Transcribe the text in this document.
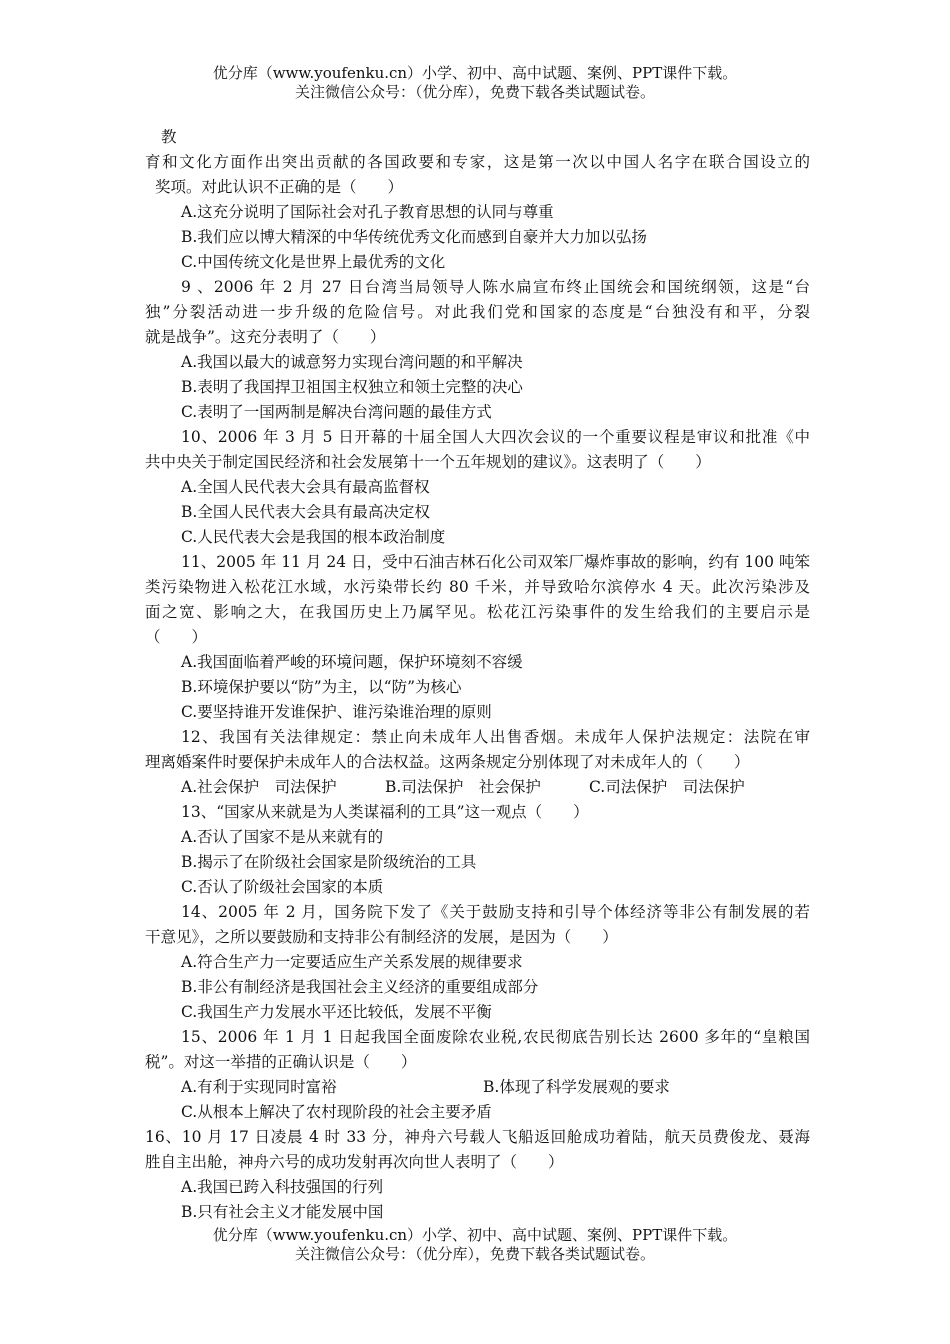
优分库（www.youfenku.cn）小学、初中、高中试题、案例、PPT课件下载。
关注微信公众号：（优分库），免费下载各类试题试卷。
教
育和文化方面作出突出贡献的各国政要和专家，这是第一次以中国人名字在联合国设立的
奖项。对此认识不正确的是（　　）
A.这充分说明了国际社会对孔子教育思想的认同与尊重
B.我们应以博大精深的中华传统优秀文化而感到自豪并大力加以弘扬
C.中国传统文化是世界上最优秀的文化
9 、2006 年 2 月 27 日台湾当局领导人陈水扁宣布终止国统会和国统纲领，这是“台
独”分裂活动进一步升级的危险信号。对此我们党和国家的态度是“台独没有和平，分裂
就是战争”。这充分表明了（　　）
A.我国以最大的诚意努力实现台湾问题的和平解决
B.表明了我国捍卫祖国主权独立和领土完整的决心
C.表明了一国两制是解决台湾问题的最佳方式
10、2006 年 3 月 5 日开幕的十届全国人大四次会议的一个重要议程是审议和批准《中
共中央关于制定国民经济和社会发展第十一个五年规划的建议》。这表明了（　　）
A.全国人民代表大会具有最高监督权
B.全国人民代表大会具有最高决定权
C.人民代表大会是我国的根本政治制度
11、2005 年 11 月 24 日，受中石油吉林石化公司双笨厂爆炸事故的影响，约有 100 吨笨
类污染物进入松花江水域，水污染带长约 80 千米，并导致哈尔滨停水 4 天。此次污染涉及
面之宽、影响之大，在我国历史上乃属罕见。松花江污染事件的发生给我们的主要启示是
（　　）
A.我国面临着严峻的环境问题，保护环境刻不容缓
B.环境保护要以“防”为主，以“防”为核心
C.要坚持谁开发谁保护、谁污染谁治理的原则
12、我国有关法律规定：禁止向未成年人出售香烟。未成年人保护法规定：法院在审
理离婚案件时要保护未成年人的合法权益。这两条规定分别体现了对未成年人的（　　）
A.社会保护　司法保护	B.司法保护　社会保护	C.司法保护　司法保护
13、“国家从来就是为人类谋福利的工具”这一观点（　　）
A.否认了国家不是从来就有的
B.揭示了在阶级社会国家是阶级统治的工具
C.否认了阶级社会国家的本质
14、2005 年 2 月，国务院下发了《关于鼓励支持和引导个体经济等非公有制发展的若
干意见》，之所以要鼓励和支持非公有制经济的发展，是因为（　　）
A.符合生产力一定要适应生产关系发展的规律要求
B.非公有制经济是我国社会主义经济的重要组成部分
C.我国生产力发展水平还比较低，发展不平衡
15、2006 年 1 月 1 日起我国全面废除农业税,农民彻底告别长达 2600 多年的“皇粮国
税”。对这一举措的正确认识是（　　）
A.有利于实现同时富裕	B.体现了科学发展观的要求
C.从根本上解决了农村现阶段的社会主要矛盾
16、10 月 17 日凌晨 4 时 33 分，神舟六号载人飞船返回舱成功着陆，航天员费俊龙、聂海
胜自主出舱，神舟六号的成功发射再次向世人表明了（　　）
A.我国已跨入科技强国的行列
B.只有社会主义才能发展中国
优分库（www.youfenku.cn）小学、初中、高中试题、案例、PPT课件下载。
关注微信公众号：（优分库），免费下载各类试题试卷。
